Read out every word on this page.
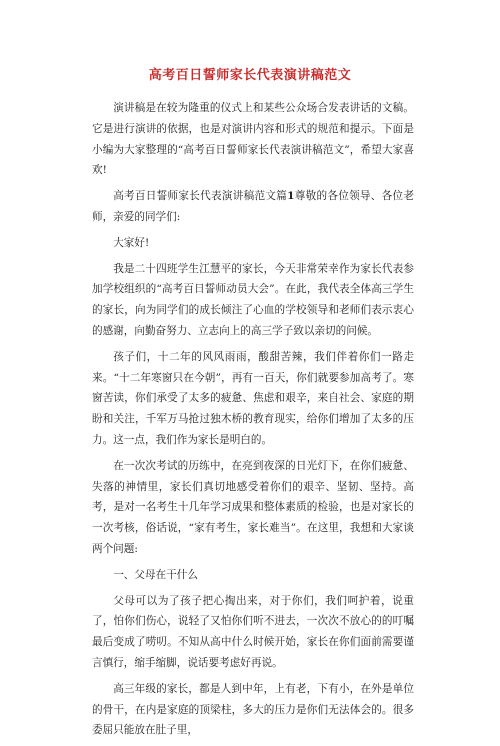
高考百日誓师家长代表演讲稿范文

演讲稿是在较为隆重的仪式上和某些公众场合发表讲话的文稿。它是进行演讲的依据，也是对演讲内容和形式的规范和提示。下面是小编为大家整理的“高考百日誓师家长代表演讲稿范文”，希望大家喜欢!

高考百日誓师家长代表演讲稿范文篇1尊敬的各位领导、各位老师，亲爱的同学们:

大家好!

我是二十四班学生江慧平的家长，今天非常荣幸作为家长代表参加学校组织的“高考百日誓师动员大会”。在此，我代表全体高三学生的家长，向为同学们的成长倾注了心血的学校领导和老师们表示衷心的感谢，向勤奋努力、立志向上的高三学子致以亲切的问候。

孩子们，十二年的风风雨雨，酸甜苦辣，我们伴着你们一路走来。“十二年寒窗只在今朝”，再有一百天，你们就要参加高考了。寒窗苦读，你们承受了太多的疲惫、焦虑和艰辛，来自社会、家庭的期盼和关注，千军万马抢过独木桥的教育现实，给你们增加了太多的压力。这一点，我们作为家长是明白的。

在一次次考试的历练中，在亮到夜深的日光灯下，在你们疲惫、失落的神情里，家长们真切地感受着你们的艰辛、坚韧、坚持。高考，是对一名考生十几年学习成果和整体素质的检验，也是对家长的一次考核，俗话说，“家有考生，家长难当”。在这里，我想和大家谈两个问题:

一、父母在干什么

父母可以为了孩子把心掏出来，对于你们，我们呵护着，说重了，怕你们伤心，说轻了又怕你们听不进去，一次次不放心的的叮嘱最后变成了唠叨。不知从高中什么时候开始，家长在你们面前需要谨言慎行，缩手缩脚，说话要考虑好再说。

高三年级的家长，都是人到中年，上有老，下有小，在外是单位的骨干，在内是家庭的顶梁柱，多大的压力是你们无法体会的。很多委屈只能放在肚子里，
